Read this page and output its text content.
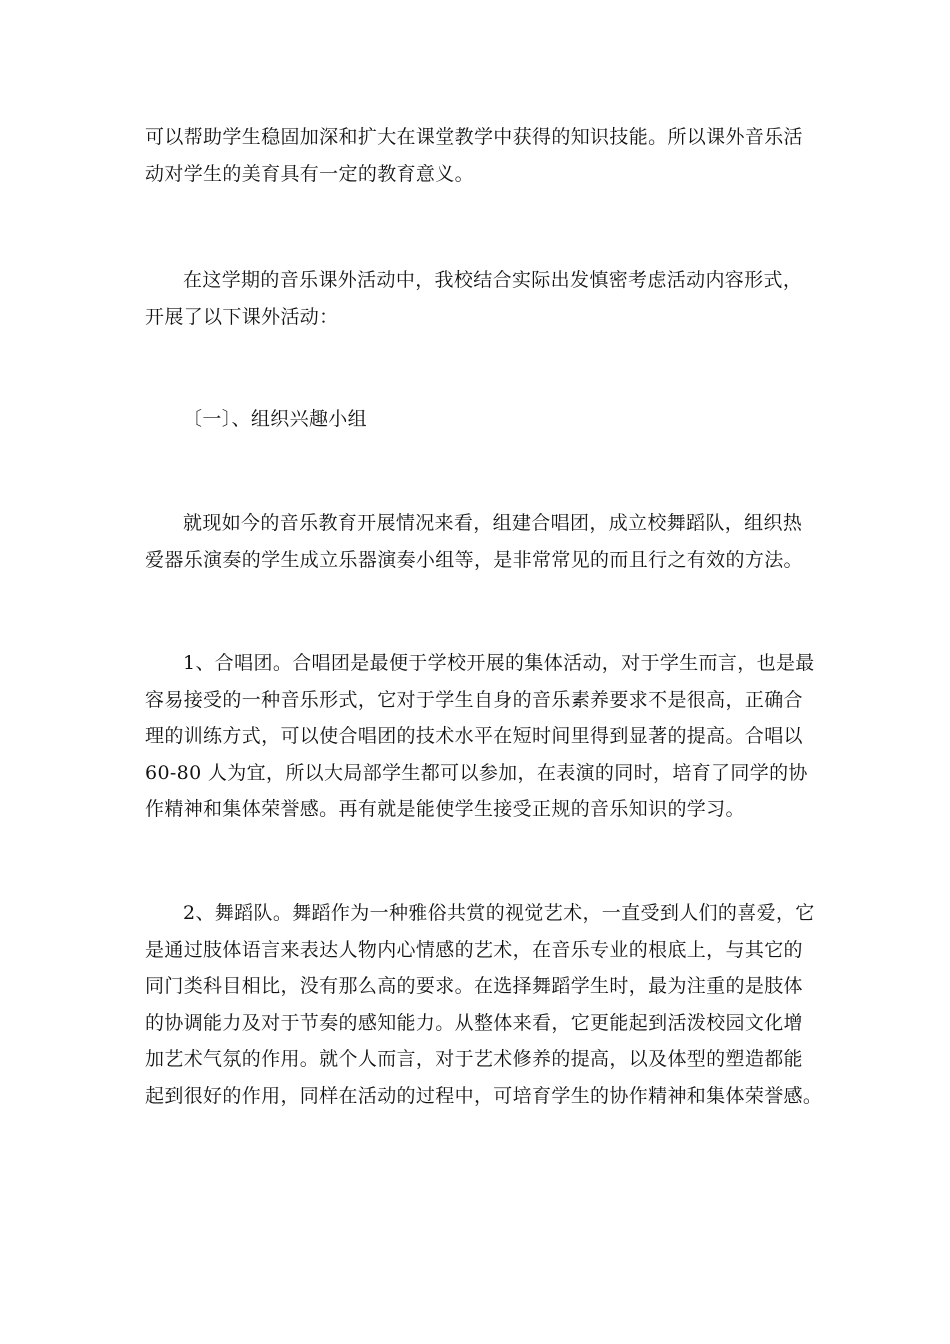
可以帮助学生稳固加深和扩大在课堂教学中获得的知识技能。所以课外音乐活
动对学生的美育具有一定的教育意义。

在这学期的音乐课外活动中，我校结合实际出发慎密考虑活动内容形式，
开展了以下课外活动：

〔一〕、组织兴趣小组

就现如今的音乐教育开展情况来看，组建合唱团，成立校舞蹈队，组织热
爱器乐演奏的学生成立乐器演奏小组等，是非常常见的而且行之有效的方法。

1、合唱团。合唱团是最便于学校开展的集体活动，对于学生而言，也是最
容易接受的一种音乐形式，它对于学生自身的音乐素养要求不是很高，正确合
理的训练方式，可以使合唱团的技术水平在短时间里得到显著的提高。合唱以
60-80 人为宜，所以大局部学生都可以参加，在表演的同时，培育了同学的协
作精神和集体荣誉感。再有就是能使学生接受正规的音乐知识的学习。

2、舞蹈队。舞蹈作为一种雅俗共赏的视觉艺术，一直受到人们的喜爱，它
是通过肢体语言来表达人物内心情感的艺术，在音乐专业的根底上，与其它的
同门类科目相比，没有那么高的要求。在选择舞蹈学生时，最为注重的是肢体
的协调能力及对于节奏的感知能力。从整体来看，它更能起到活泼校园文化增
加艺术气氛的作用。就个人而言，对于艺术修养的提高，以及体型的塑造都能
起到很好的作用，同样在活动的过程中，可培育学生的协作精神和集体荣誉感。
